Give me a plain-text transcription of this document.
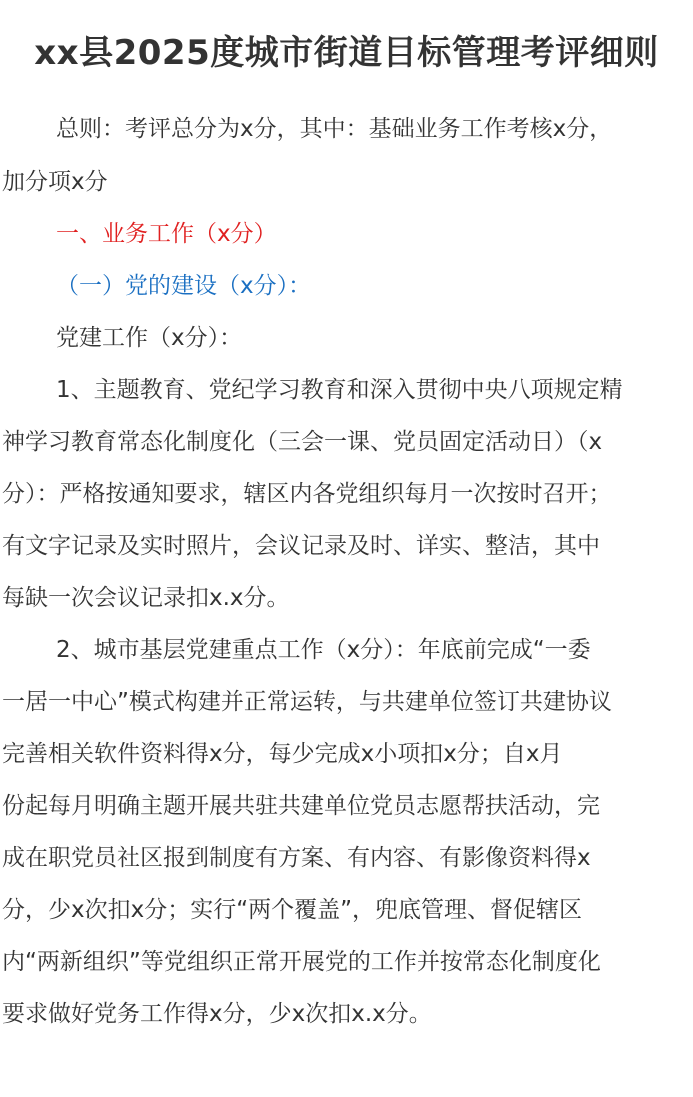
xx县2025度城市街道目标管理考评细则
总则：考评总分为x分，其中：基础业务工作考核x分，
加分项x分
一、业务工作（x分）
（一）党的建设（x分）：
党建工作（x分）：
1、主题教育、党纪学习教育和深入贯彻中央八项规定精
神学习教育常态化制度化（三会一课、党员固定活动日）（x
分）：严格按通知要求，辖区内各党组织每月一次按时召开；
有文字记录及实时照片，会议记录及时、详实、整洁，其中
每缺一次会议记录扣x.x分。
2、城市基层党建重点工作（x分）：年底前完成“一委
一居一中心”模式构建并正常运转，与共建单位签订共建协议
完善相关软件资料得x分，每少完成x小项扣x分；自x月
份起每月明确主题开展共驻共建单位党员志愿帮扶活动，完
成在职党员社区报到制度有方案、有内容、有影像资料得x
分，少x次扣x分；实行“两个覆盖”，兜底管理、督促辖区
内“两新组织”等党组织正常开展党的工作并按常态化制度化
要求做好党务工作得x分，少x次扣x.x分。
